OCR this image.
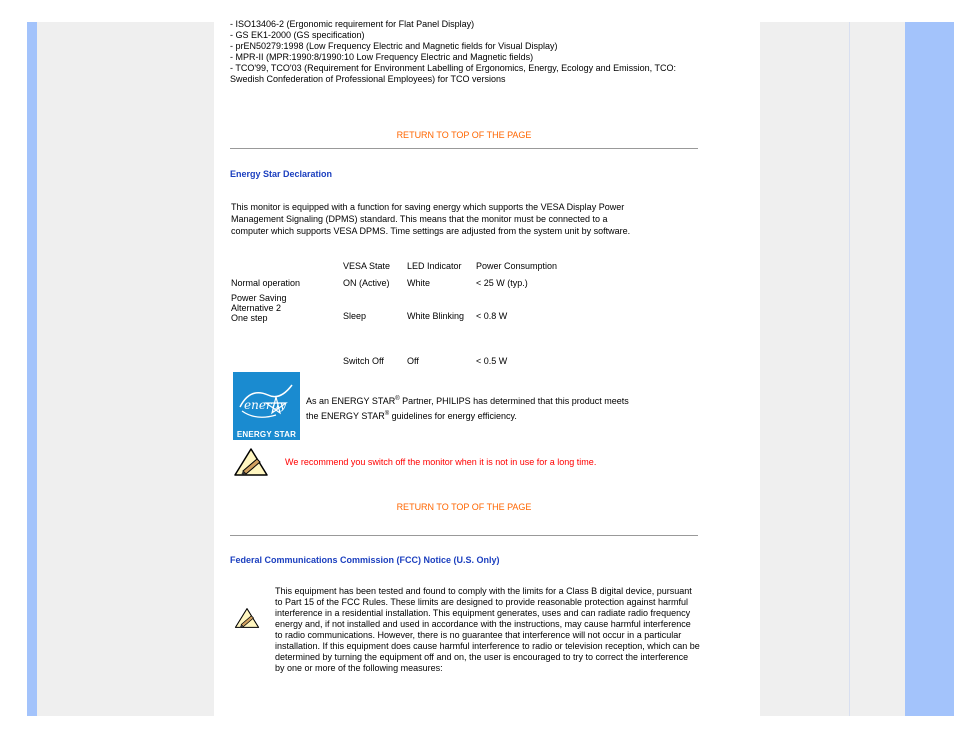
- ISO13406-2 (Ergonomic requirement for Flat Panel Display)
- GS EK1-2000 (GS specification)
- prEN50279:1998 (Low Frequency Electric and Magnetic fields for Visual Display)
- MPR-II (MPR:1990:8/1990:10 Low Frequency Electric and Magnetic fields)
- TCO'99, TCO'03 (Requirement for Environment Labelling of Ergonomics, Energy, Ecology and Emission, TCO: Swedish Confederation of Professional Employees) for TCO versions
RETURN TO TOP OF THE PAGE
Energy Star Declaration
This monitor is equipped with a function for saving energy which supports the VESA Display Power Management Signaling (DPMS) standard. This means that the monitor must be connected to a computer which supports VESA DPMS. Time settings are adjusted from the system unit by software.
	VESA State	LED Indicator	Power Consumption
Normal operation	ON (Active)	White	< 25 W (typ.)

Power Saving
Alternative 2
One step	Sleep	White Blinking	< 0.8 W
	Switch Off	Off	< 0.5 W
energy
ENERGY STAR
As an ENERGY STAR® Partner, PHILIPS has determined that this product meets
the ENERGY STAR® guidelines for energy efficiency.
We recommend you switch off the monitor when it is not in use for a long time.
RETURN TO TOP OF THE PAGE
Federal Communications Commission (FCC) Notice (U.S. Only)
This equipment has been tested and found to comply with the limits for a Class B digital device, pursuant to Part 15 of the FCC Rules. These limits are designed to provide reasonable protection against harmful interference in a residential installation. This equipment generates, uses and can radiate radio frequency energy and, if not installed and used in accordance with the instructions, may cause harmful interference to radio communications. However, there is no guarantee that interference will not occur in a particular installation. If this equipment does cause harmful interference to radio or television reception, which can be determined by turning the equipment off and on, the user is encouraged to try to correct the interference by one or more of the following measures:
